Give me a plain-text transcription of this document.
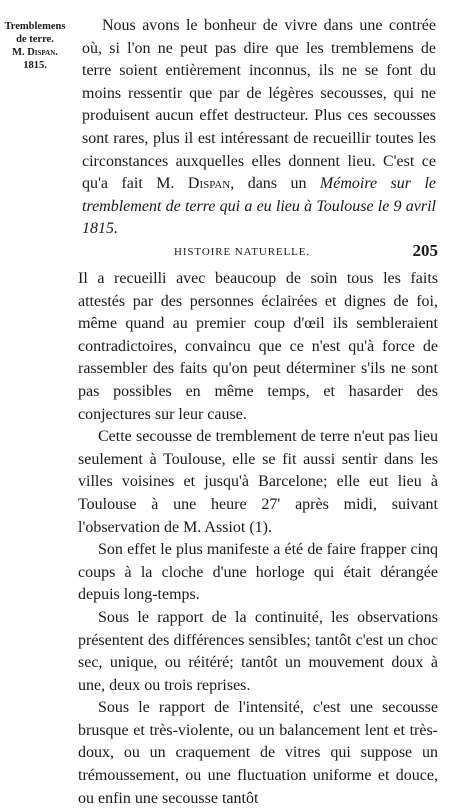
Tremblemens
de terre.
M. Dispan.
1815.

Nous avons le bonheur de vivre dans une contrée où, si l'on ne peut pas dire que les tremblemens de terre soient entièrement inconnus, ils ne se font du moins ressentir que par de légères secousses, qui ne produisent aucun effet destructeur. Plus ces secousses sont rares, plus il est intéressant de recueillir toutes les circonstances auxquelles elles donnent lieu. C'est ce qu'a fait M. Dispan, dans un Mémoire sur le tremblement de terre qui a eu lieu à Toulouse le 9 avril 1815.

HISTOIRE NATURELLE.	205

Il a recueilli avec beaucoup de soin tous les faits attestés par des personnes éclairées et dignes de foi, même quand au premier coup d'œil ils sembleraient contradictoires, convaincu que ce n'est qu'à force de rassembler des faits qu'on peut déterminer s'ils ne sont pas possibles en même temps, et hasarder des conjectures sur leur cause.

Cette secousse de tremblement de terre n'eut pas lieu seulement à Toulouse, elle se fit aussi sentir dans les villes voisines et jusqu'à Barcelone; elle eut lieu à Toulouse à une heure 27' après midi, suivant l'observation de M. Assiot (1).

Son effet le plus manifeste a été de faire frapper cinq coups à la cloche d'une horloge qui était dérangée depuis long-temps.

Sous le rapport de la continuité, les observations présentent des différences sensibles; tantôt c'est un choc sec, unique, ou réitéré; tantôt un mouvement doux à une, deux ou trois reprises.

Sous le rapport de l'intensité, c'est une secousse brusque et très-violente, ou un balancement lent et très-doux, ou un craquement de vitres qui suppose un trémoussement, ou une fluctuation uniforme et douce, ou enfin une secousse tantôt
